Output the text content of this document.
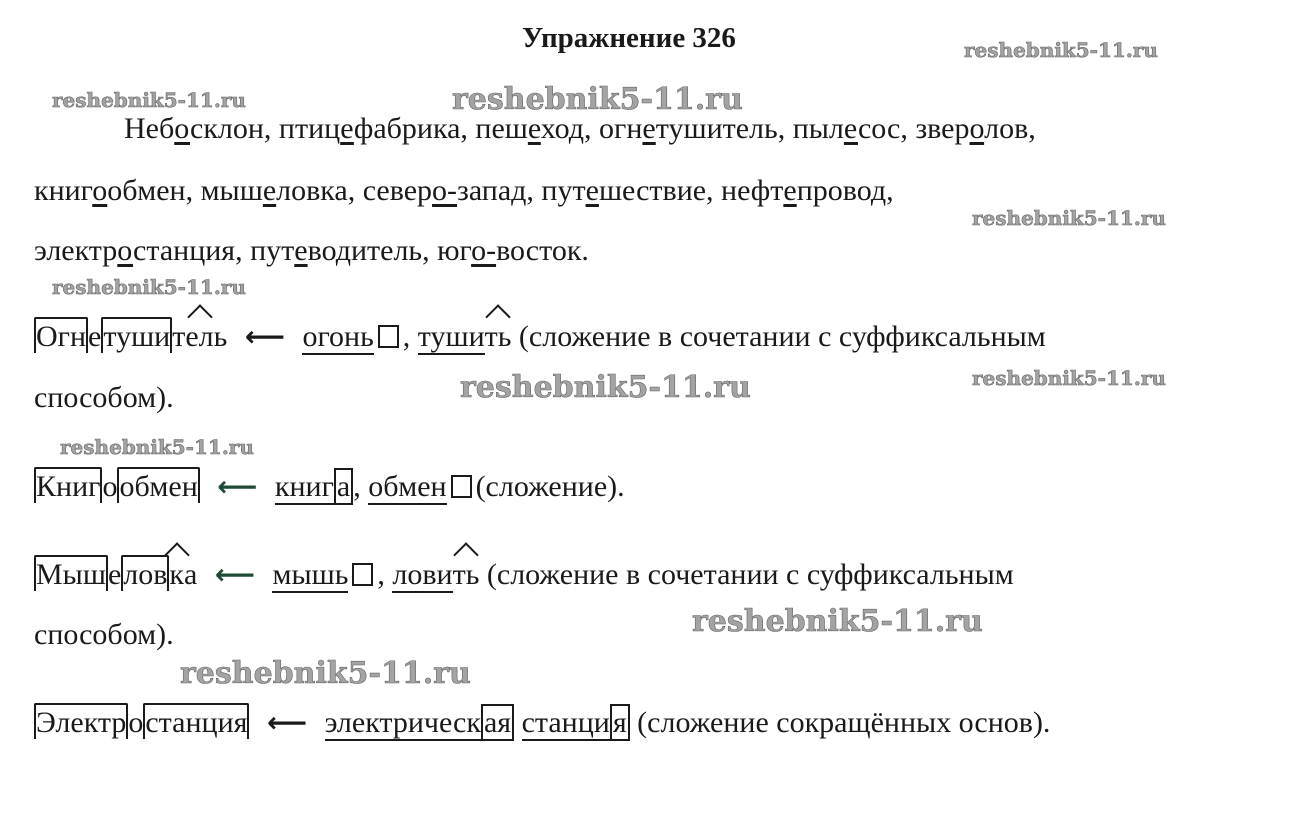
Упражнение 326	reshebnik5-11.ru
reshebnik5-11.ru	reshebnik5-11.ru
reshebnik5-11.ru
reshebnik5-11.ru
reshebnik5-11.ru
reshebnik5-11.ru
reshebnik5-11.ru
reshebnik5-11.ru
reshebnik5-11.ru
Небосклон, птицефабрика, пешеход, огнетушитель, пылесос, зверолов,
книгообмен, мышеловка, северо-запад, путешествие, нефтепровод,
электростанция, путеводитель, юго-восток.
Огнетушитель ⟵ огонь , тушить (сложение в сочетании с суффиксальным
способом).
Книгообмен ⟵ книг а , обмен (сложение).
Мышеловка ⟵ мышь , ловить (сложение в сочетании с суффиксальным
способом).
Электростанция ⟵ электрическ ая станци я (сложение сокращённых основ).
